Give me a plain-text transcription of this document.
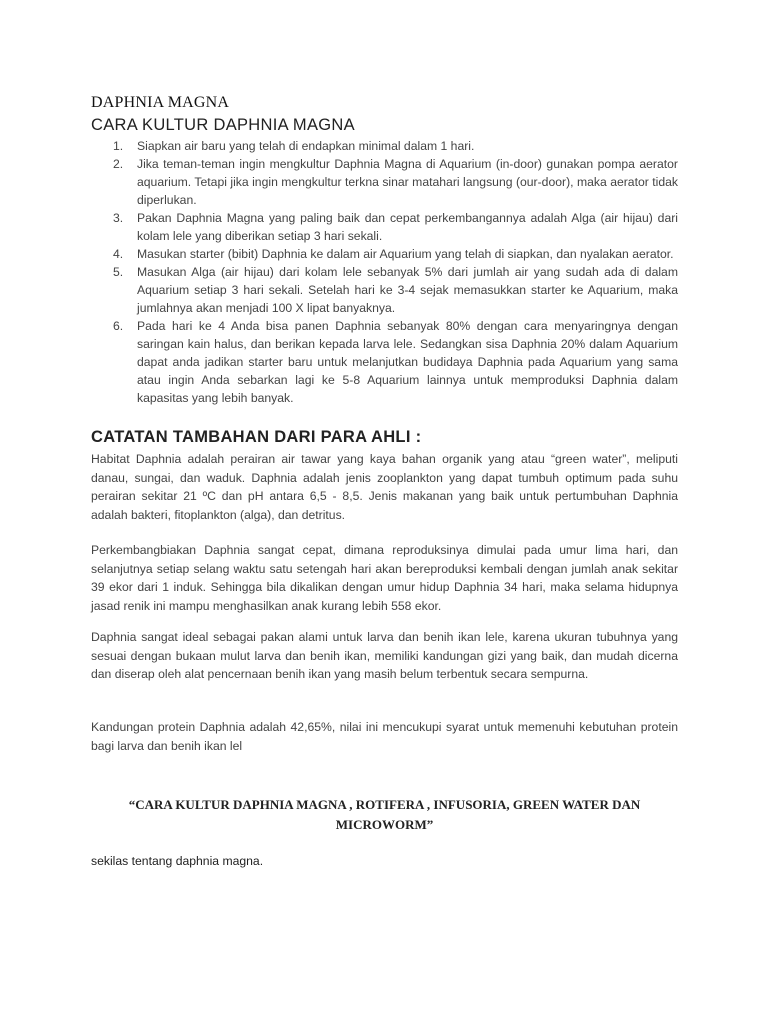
DAPHNIA MAGNA
CARA KULTUR DAPHNIA MAGNA
1. Siapkan air baru yang telah di endapkan minimal dalam 1 hari.
2. Jika teman-teman ingin mengkultur Daphnia Magna di Aquarium (in-door) gunakan pompa aerator aquarium. Tetapi jika ingin mengkultur terkna sinar matahari langsung (our-door), maka aerator tidak diperlukan.
3. Pakan Daphnia Magna yang paling baik dan cepat perkembangannya adalah Alga (air hijau) dari kolam lele yang diberikan setiap 3 hari sekali.
4. Masukan starter (bibit) Daphnia ke dalam air Aquarium yang telah di siapkan, dan nyalakan aerator.
5. Masukan Alga (air hijau) dari kolam lele sebanyak 5% dari jumlah air yang sudah ada di dalam Aquarium setiap 3 hari sekali. Setelah hari ke 3-4 sejak memasukkan starter ke Aquarium, maka jumlahnya akan menjadi 100 X lipat banyaknya.
6. Pada hari ke 4 Anda bisa panen Daphnia sebanyak 80% dengan cara menyaringnya dengan saringan kain halus, dan berikan kepada larva lele. Sedangkan sisa Daphnia 20% dalam Aquarium dapat anda jadikan starter baru untuk melanjutkan budidaya Daphnia pada Aquarium yang sama atau ingin Anda sebarkan lagi ke 5-8 Aquarium lainnya untuk memproduksi Daphnia dalam kapasitas yang lebih banyak.
CATATAN TAMBAHAN DARI PARA AHLI :

Habitat Daphnia adalah perairan air tawar yang kaya bahan organik yang atau “green water”, meliputi danau, sungai, dan waduk. Daphnia adalah jenis zooplankton yang dapat tumbuh optimum pada suhu perairan sekitar 21 ºC dan pH antara 6,5 - 8,5. Jenis makanan yang baik untuk pertumbuhan Daphnia adalah bakteri, fitoplankton (alga), dan detritus.

Perkembangbiakan Daphnia sangat cepat, dimana reproduksinya dimulai pada umur lima hari, dan selanjutnya setiap selang waktu satu setengah hari akan bereproduksi kembali dengan jumlah anak sekitar 39 ekor dari 1 induk. Sehingga bila dikalikan dengan umur hidup Daphnia 34 hari, maka selama hidupnya jasad renik ini mampu menghasilkan anak kurang lebih 558 ekor.

Daphnia sangat ideal sebagai pakan alami untuk larva dan benih ikan lele, karena ukuran tubuhnya yang sesuai dengan bukaan mulut larva dan benih ikan, memiliki kandungan gizi yang baik, dan mudah dicerna dan diserap oleh alat pencernaan benih ikan yang masih belum terbentuk secara sempurna.

Kandungan protein Daphnia adalah 42,65%, nilai ini mencukupi syarat untuk memenuhi kebutuhan protein bagi larva dan benih ikan lel

“CARA KULTUR DAPHNIA MAGNA , ROTIFERA , INFUSORIA, GREEN WATER DAN MICROWORM”

sekilas tentang daphnia magna.
